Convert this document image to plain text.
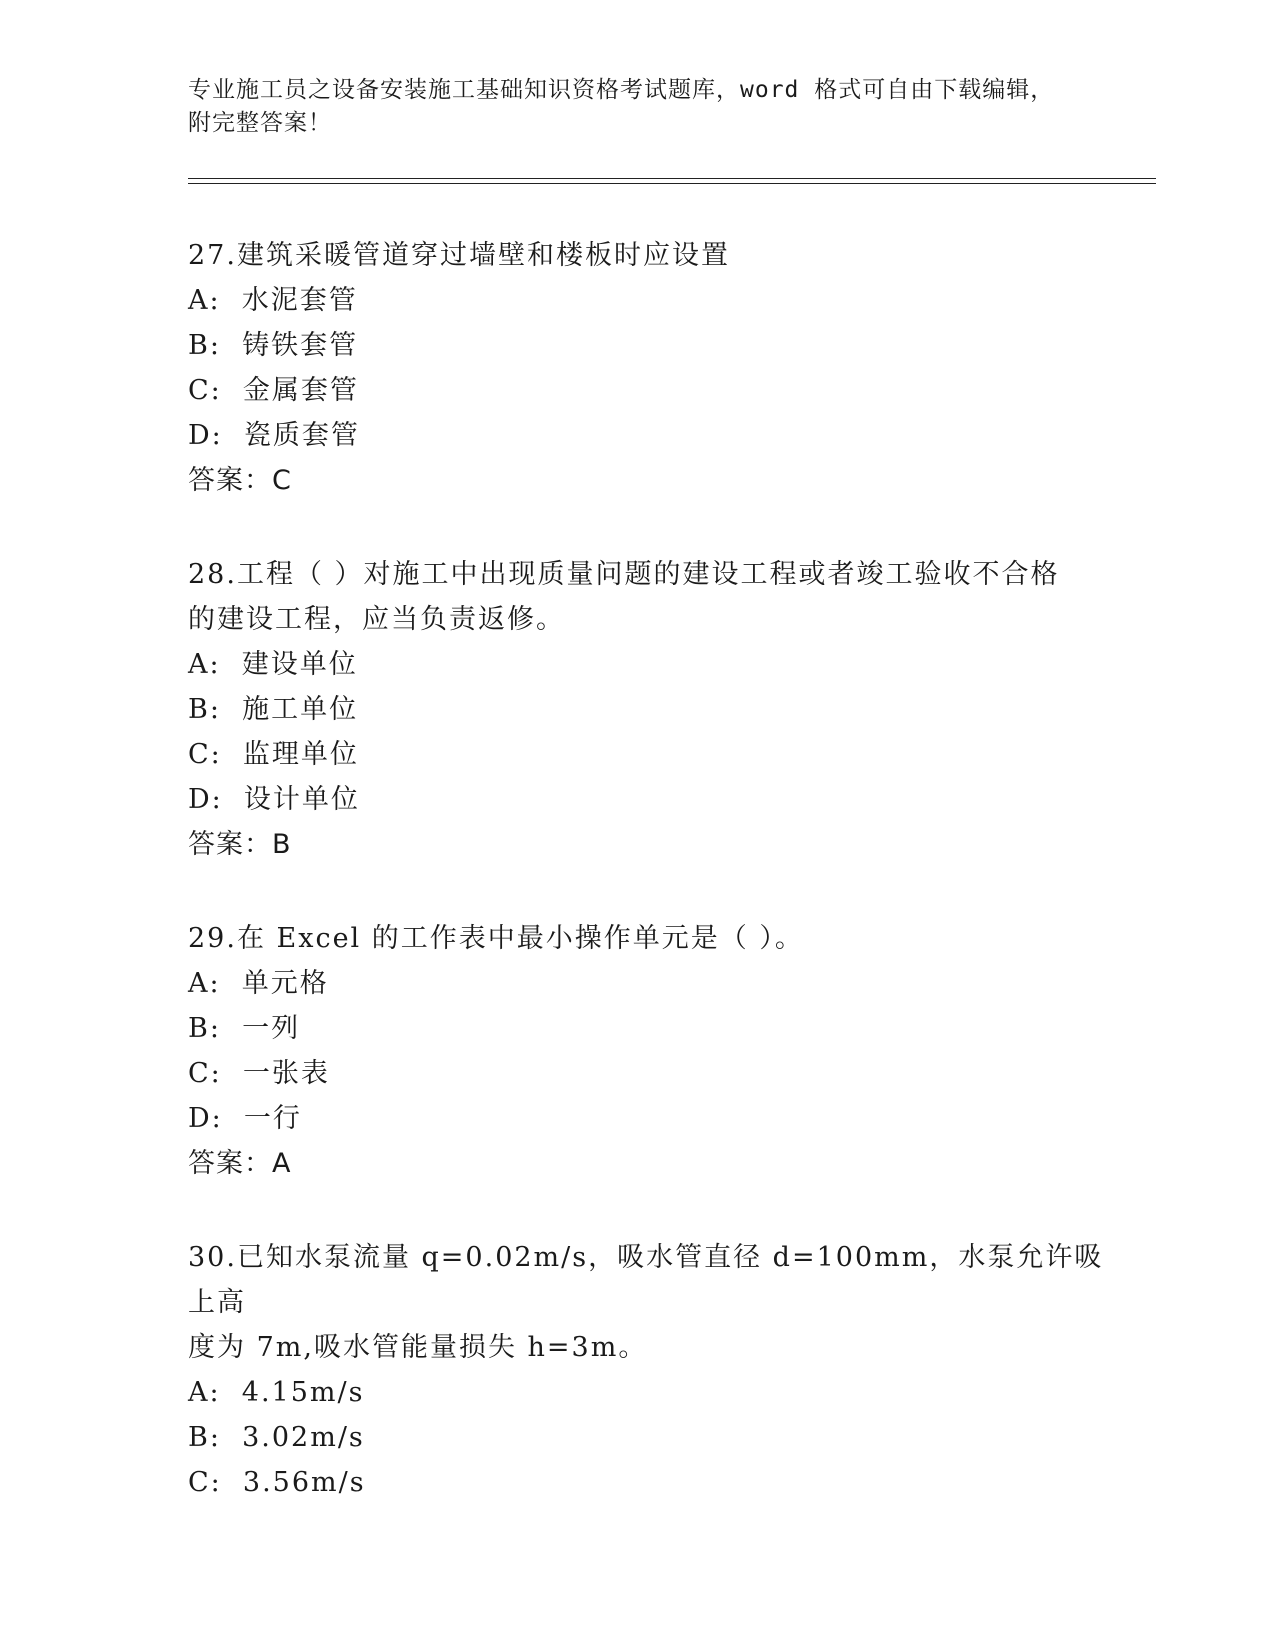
专业施工员之设备安装施工基础知识资格考试题库，word 格式可自由下载编辑，
附完整答案！

27.建筑采暖管道穿过墙壁和楼板时应设置

A:  水泥套管

B:  铸铁套管

C:  金属套管

D:  瓷质套管

答案：C

28.工程（ ）对施工中出现质量问题的建设工程或者竣工验收不合格

的建设工程，应当负责返修。

A:  建设单位

B:  施工单位

C:  监理单位

D:  设计单位

答案：B

29.在 Excel 的工作表中最小操作单元是（ ）。

A:  单元格

B:  一列

C:  一张表

D:  一行

答案：A

30.已知水泵流量 q=0.02m/s，吸水管直径 d=100mm，水泵允许吸上高

度为 7m,吸水管能量损失 h=3m。

A:  4.15m/s

B:  3.02m/s

C:  3.56m/s
